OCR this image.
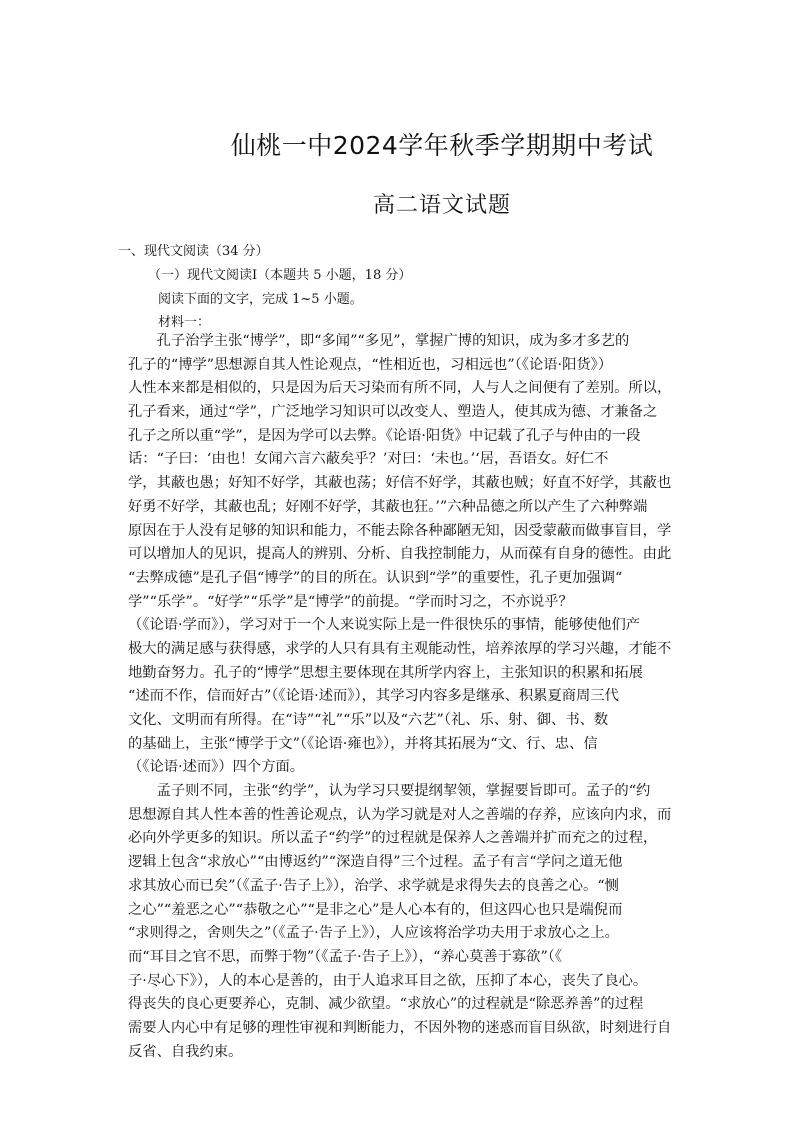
仙桃一中2024学年秋季学期期中考试
高二语文试题
一、现代文阅读（34 分）
（一）现代文阅读Ⅰ（本题共 5 小题，18 分）
阅读下面的文字，完成 1~5 小题。
材料一：
　　孔子治学主张“博学”，即“多闻”“多见”，掌握广博的知识，成为多才多艺的
孔子的“博学”思想源自其人性论观点，“性相近也，习相远也”（《论语·阳货》）
人性本来都是相似的，只是因为后天习染而有所不同，人与人之间便有了差别。所以，
孔子看来，通过“学”，广泛地学习知识可以改变人、塑造人，使其成为德、才兼备之
孔子之所以重“学”，是因为学可以去弊。《论语·阳货》中记载了孔子与仲由的一段
话：“子曰：‘由也！女闻六言六蔽矣乎？’对曰：‘未也。’‘居，吾语女。好仁不
学，其蔽也愚；好知不好学，其蔽也荡；好信不好学，其蔽也贼；好直不好学，其蔽也
好勇不好学，其蔽也乱；好刚不好学，其蔽也狂。’”六种品德之所以产生了六种弊端
原因在于人没有足够的知识和能力，不能去除各种鄙陋无知，因受蒙蔽而做事盲目，学
可以增加人的见识，提高人的辨别、分析、自我控制能力，从而葆有自身的德性。由此
“去弊成德”是孔子倡“博学”的目的所在。认识到“学”的重要性，孔子更加强调“
学”“乐学”。“好学”“乐学”是“博学”的前提。“学而时习之，不亦说乎？
（《论语·学而》），学习对于一个人来说实际上是一件很快乐的事情，能够使他们产
极大的满足感与获得感，求学的人只有具有主观能动性，培养浓厚的学习兴趣，才能不
地勤奋努力。孔子的“博学”思想主要体现在其所学内容上，主张知识的积累和拓展
“述而不作，信而好古”（《论语·述而》），其学习内容多是继承、积累夏商周三代
文化、文明而有所得。在“诗”“礼”“乐”以及“六艺”（礼、乐、射、御、书、数
的基础上，主张“博学于文”（《论语·雍也》），并将其拓展为“文、行、忠、信
（《论语·述而》）四个方面。
　　孟子则不同，主张“约学”，认为学习只要提纲挈领，掌握要旨即可。孟子的“约
思想源自其人性本善的性善论观点，认为学习就是对人之善端的存养，应该向内求，而
必向外学更多的知识。所以孟子“约学”的过程就是保养人之善端并扩而充之的过程，
逻辑上包含“求放心”“由博返约”“深造自得”三个过程。孟子有言“学问之道无他
求其放心而已矣”（《孟子·告子上》），治学、求学就是求得失去的良善之心。“恻
之心”“羞恶之心”“恭敬之心”“是非之心”是人心本有的，但这四心也只是端倪而
“求则得之，舍则失之”（《孟子·告子上》），人应该将治学功夫用于求放心之上。
而“耳目之官不思，而弊于物”（《孟子·告子上》），“养心莫善于寡欲”（《
子·尽心下》），人的本心是善的，由于人追求耳目之欲，压抑了本心，丧失了良心。
得丧失的良心更要养心，克制、减少欲望。“求放心”的过程就是“除恶养善”的过程
需要人内心中有足够的理性审视和判断能力，不因外物的迷惑而盲目纵欲，时刻进行自
反省、自我约束。
